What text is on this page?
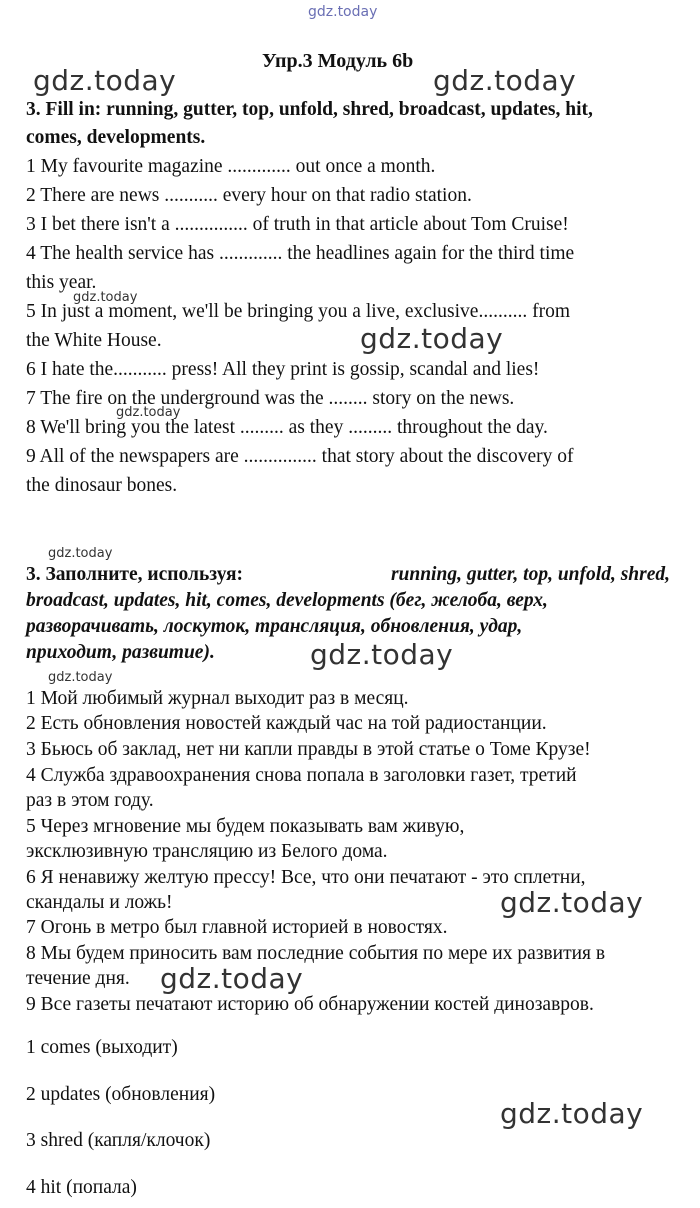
gdz.today
gdz.today	gdz.today
gdz.today
gdz.today
gdz.today
gdz.today
gdz.today
gdz.today
gdz.today
gdz.today
gdz.today
Упр.3 Модуль 6b
3. Fill in: running, gutter, top, unfold, shred, broadcast, updates, hit,
comes, developments.
1 My favourite magazine ............. out once a month.
2 There are news ........... every hour on that radio station.
3 I bet there isn't a ............... of truth in that article about Tom Cruise!
4 The health service has ............. the headlines again for the third time
this year.
5 In just a moment, we'll be bringing you a live, exclusive.......... from
the White House.
6 I hate the........... press! All they print is gossip, scandal and lies!
7 The fire on the underground was the ........ story on the news.
8 We'll bring you the latest ......... as they ......... throughout the day.
9 All of the newspapers are ............... that story about the discovery of
the dinosaur bones.
3. Заполните, используя:	running, gutter, top, unfold, shred,
broadcast, updates, hit, comes, developments (бег, желоба, верх,
разворачивать, лоскуток, трансляция, обновления, удар,
приходит, развитие).
1 Мой любимый журнал выходит раз в месяц.
2 Есть обновления новостей каждый час на той радиостанции.
3 Бьюсь об заклад, нет ни капли правды в этой статье о Томе Крузе!
4 Служба здравоохранения снова попала в заголовки газет, третий
раз в этом году.
5 Через мгновение мы будем показывать вам живую,
эксклюзивную трансляцию из Белого дома.
6 Я ненавижу желтую прессу! Все, что они печатают - это сплетни,
скандалы и ложь!
7 Огонь в метро был главной историей в новостях.
8 Мы будем приносить вам последние события по мере их развития в
течение дня.
9 Все газеты печатают историю об обнаружении костей динозавров.
1 comes (выходит)
2 updates (обновления)
3 shred (капля/клочок)
4 hit (попала)
